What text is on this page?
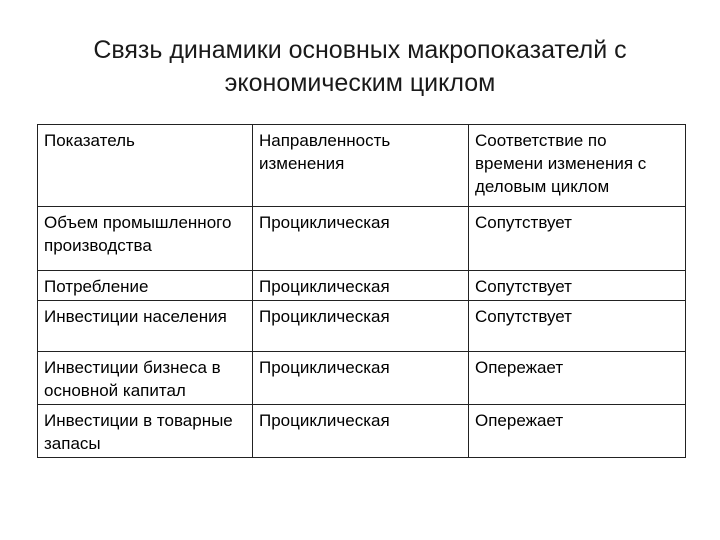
Связь динамики основных макропоказателй с
экономическим циклом
Показатель	Направленность изменения	Соответствие по времени изменения с деловым циклом
Объем промышленного производства	Проциклическая	Сопутствует
Потребление	Проциклическая	Сопутствует
Инвестиции населения	Проциклическая	Сопутствует
Инвестиции бизнеса в основной капитал	Проциклическая	Опережает
Инвестиции в товарные запасы	Проциклическая	Опережает
